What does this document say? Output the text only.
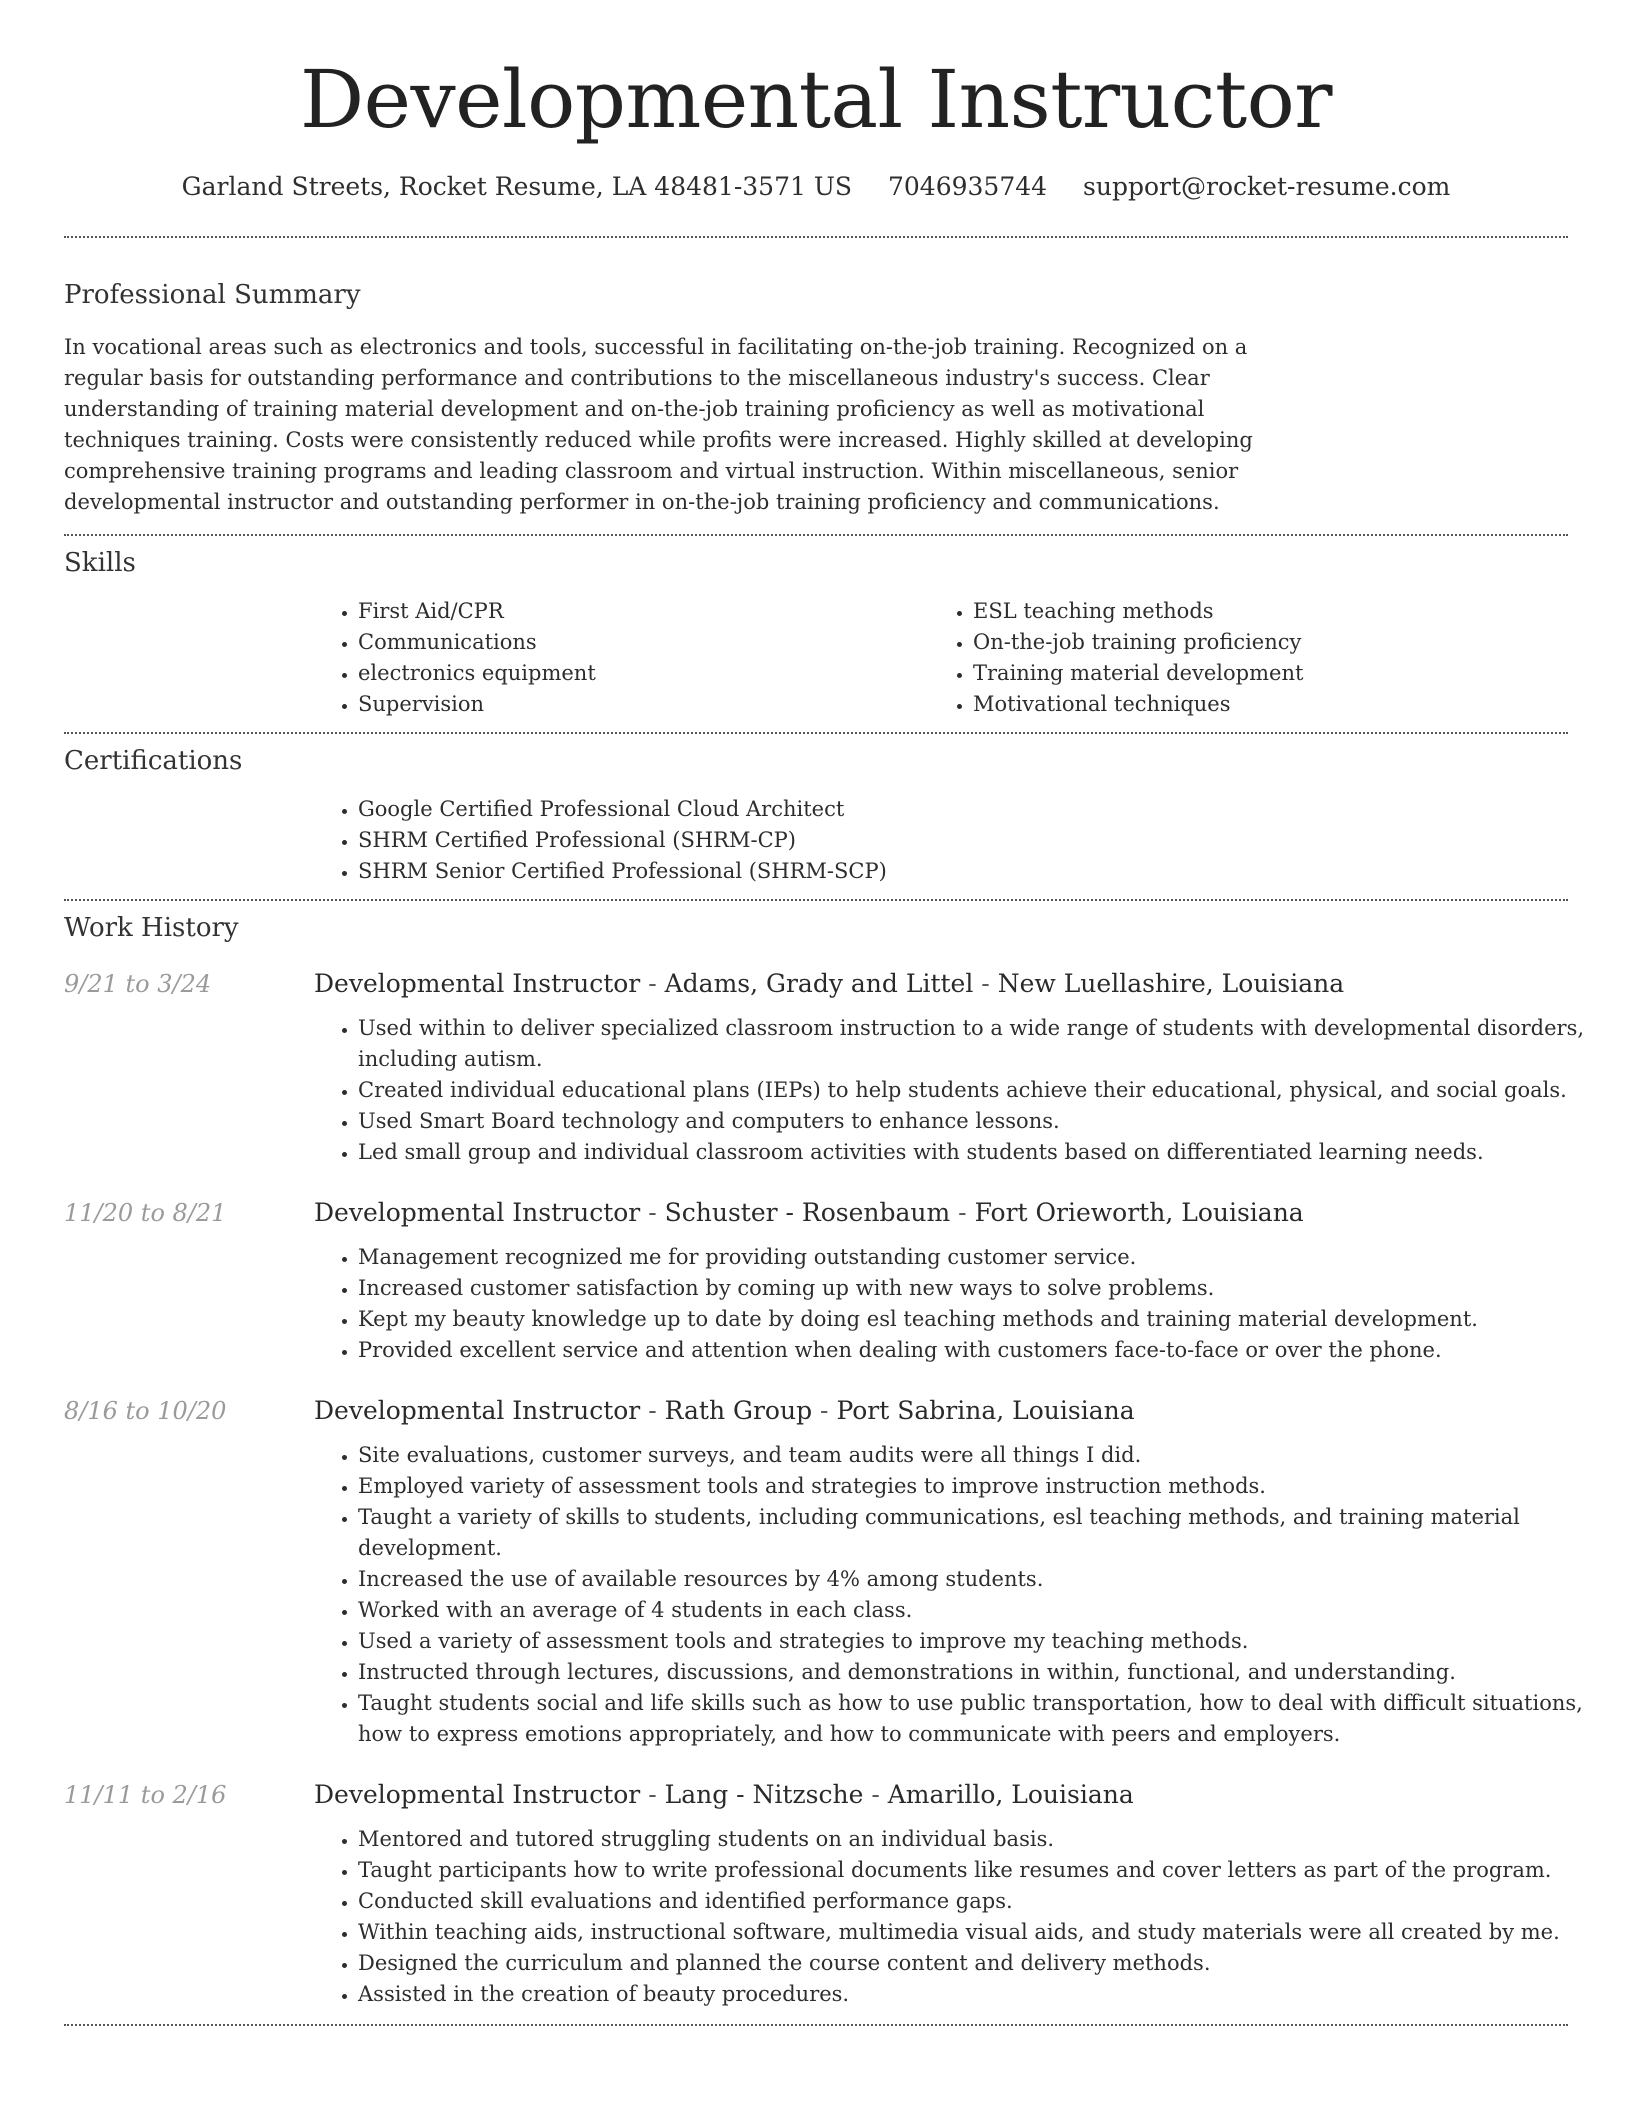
Developmental Instructor
Garland Streets, Rocket Resume, LA 48481-3571 US 7046935744 support@rocket-resume.com
Professional Summary

In vocational areas such as electronics and tools, successful in facilitating on-the-job training. Recognized on a regular basis for outstanding performance and contributions to the miscellaneous industry's success. Clear understanding of training material development and on-the-job training proficiency as well as motivational techniques training. Costs were consistently reduced while profits were increased. Highly skilled at developing comprehensive training programs and leading classroom and virtual instruction. Within miscellaneous, senior developmental instructor and outstanding performer in on-the-job training proficiency and communications.

Skills
• First Aid/CPR
• Communications
• electronics equipment
• Supervision
• ESL teaching methods
• On-the-job training proficiency
• Training material development
• Motivational techniques
Certifications
• Google Certified Professional Cloud Architect
• SHRM Certified Professional (SHRM-CP)
• SHRM Senior Certified Professional (SHRM-SCP)
Work History
9/21 to 3/24	Developmental Instructor - Adams, Grady and Littel - New Luellashire, Louisiana
• Used within to deliver specialized classroom instruction to a wide range of students with developmental disorders, including autism.
• Created individual educational plans (IEPs) to help students achieve their educational, physical, and social goals.
• Used Smart Board technology and computers to enhance lessons.
• Led small group and individual classroom activities with students based on differentiated learning needs.
11/20 to 8/21	Developmental Instructor - Schuster - Rosenbaum - Fort Orieworth, Louisiana
• Management recognized me for providing outstanding customer service.
• Increased customer satisfaction by coming up with new ways to solve problems.
• Kept my beauty knowledge up to date by doing esl teaching methods and training material development.
• Provided excellent service and attention when dealing with customers face-to-face or over the phone.
8/16 to 10/20	Developmental Instructor - Rath Group - Port Sabrina, Louisiana
• Site evaluations, customer surveys, and team audits were all things I did.
• Employed variety of assessment tools and strategies to improve instruction methods.
• Taught a variety of skills to students, including communications, esl teaching methods, and training material development.
• Increased the use of available resources by 4% among students.
• Worked with an average of 4 students in each class.
• Used a variety of assessment tools and strategies to improve my teaching methods.
• Instructed through lectures, discussions, and demonstrations in within, functional, and understanding.
• Taught students social and life skills such as how to use public transportation, how to deal with difficult situations, how to express emotions appropriately, and how to communicate with peers and employers.
11/11 to 2/16	Developmental Instructor - Lang - Nitzsche - Amarillo, Louisiana
• Mentored and tutored struggling students on an individual basis.
• Taught participants how to write professional documents like resumes and cover letters as part of the program.
• Conducted skill evaluations and identified performance gaps.
• Within teaching aids, instructional software, multimedia visual aids, and study materials were all created by me.
• Designed the curriculum and planned the course content and delivery methods.
• Assisted in the creation of beauty procedures.
